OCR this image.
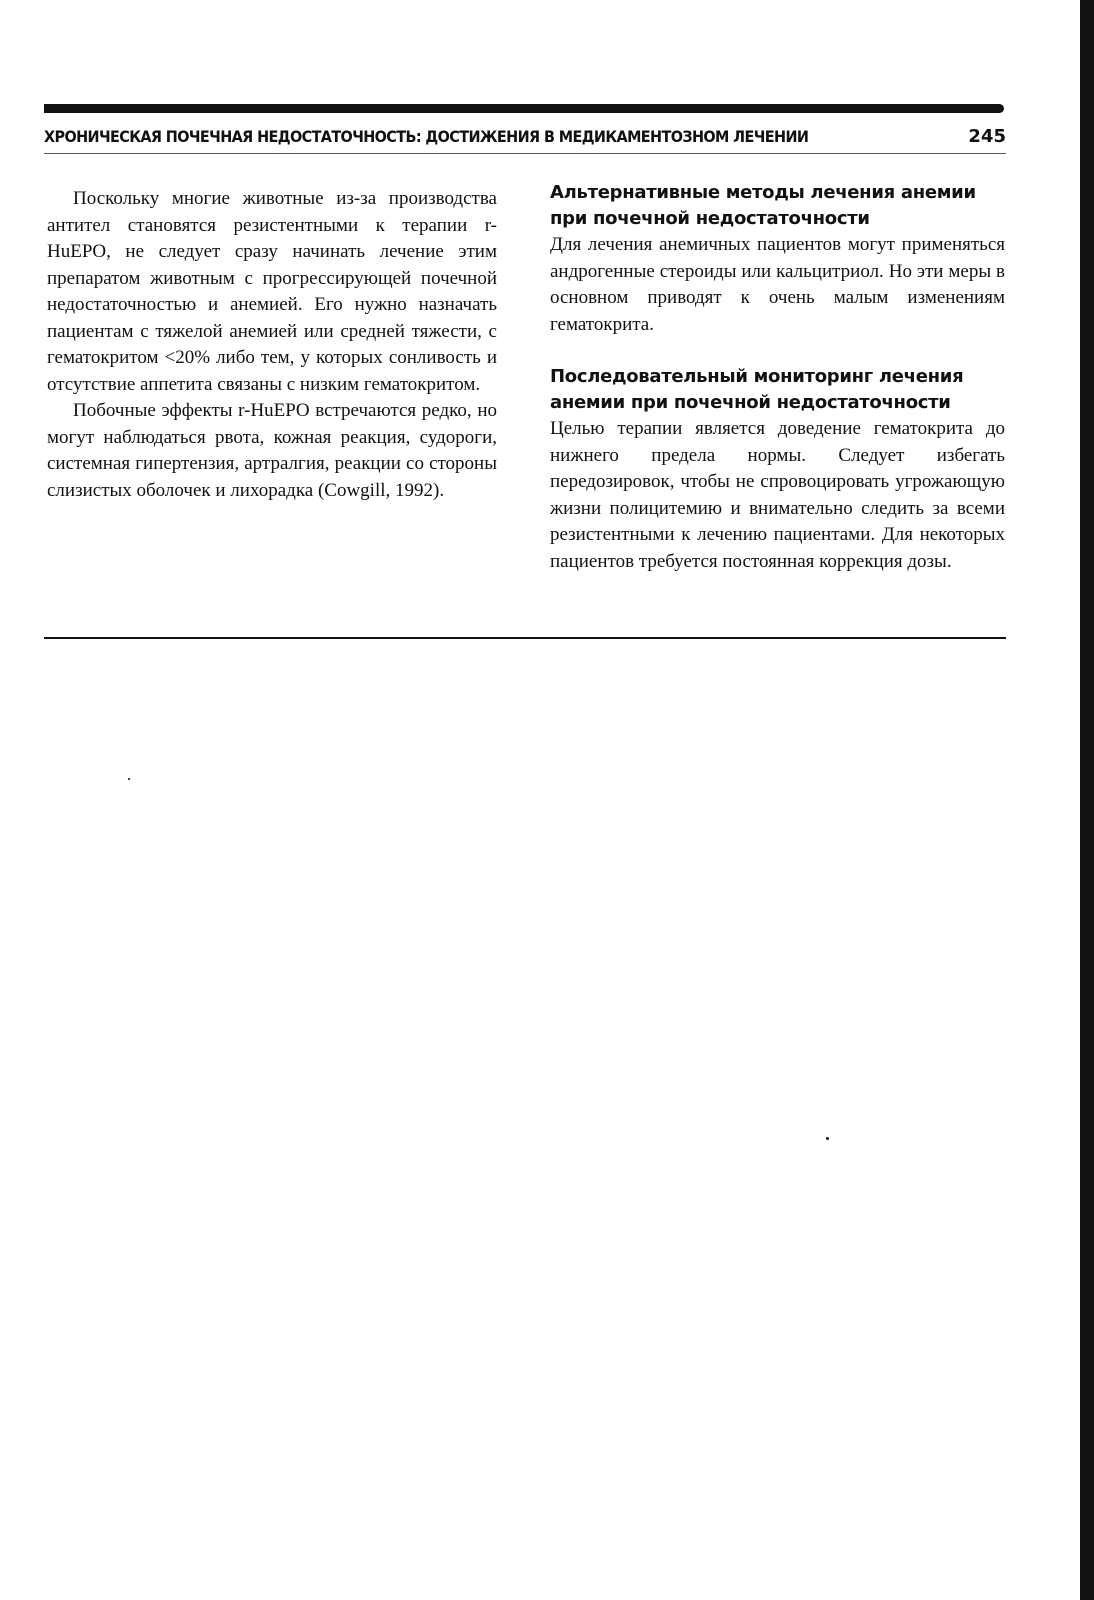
ХРОНИЧЕСКАЯ ПОЧЕЧНАЯ НЕДОСТАТОЧНОСТЬ: ДОСТИЖЕНИЯ В МЕДИКАМЕНТОЗНОМ ЛЕЧЕНИИ	245

Поскольку многие животные из-за производства антител становятся резистентными к терапии r-HuEPO, не следует сразу начинать лечение этим препаратом животным с прогрессирующей почечной недостаточностью и анемией. Его нужно назначать пациентам с тяжелой анемией или средней тяжести, с гематокритом <20% либо тем, у которых сонливость и отсутствие аппетита связаны с низким гематокритом.

Побочные эффекты r-HuEPO встречаются редко, но могут наблюдаться рвота, кожная реакция, судороги, системная гипертензия, артралгия, реакции со стороны слизистых оболочек и лихорадка (Cowgill, 1992).

Альтернативные методы лечения анемии при почечной недостаточности

Для лечения анемичных пациентов могут применяться андрогенные стероиды или кальцитриол. Но эти меры в основном приводят к очень малым изменениям гематокрита.

Последовательный мониторинг лечения анемии при почечной недостаточности

Целью терапии является доведение гематокрита до нижнего предела нормы. Следует избегать передозировок, чтобы не спровоцировать угрожающую жизни полицитемию и внимательно следить за всеми резистентными к лечению пациентами. Для некоторых пациентов требуется постоянная коррекция дозы.
